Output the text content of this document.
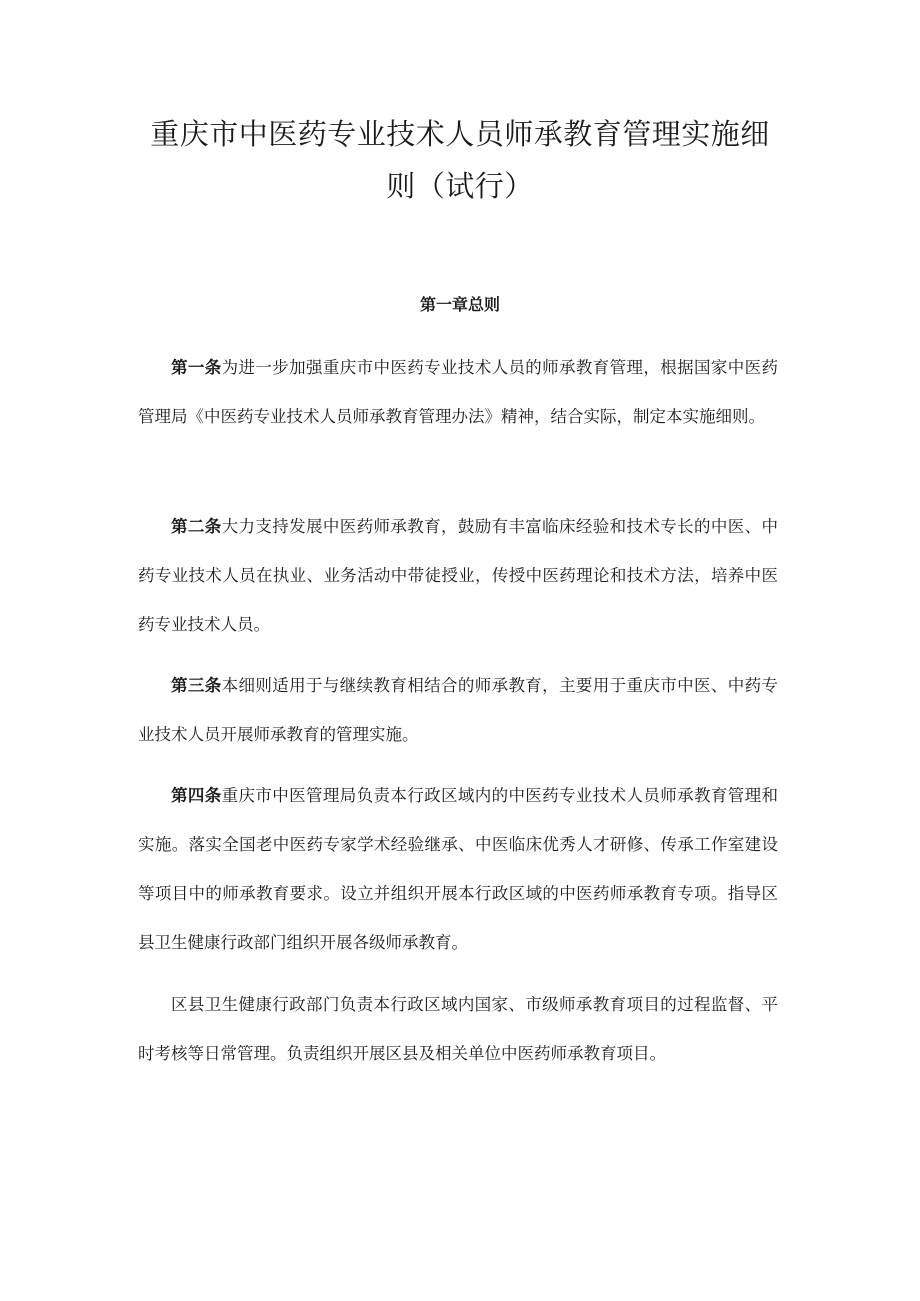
重庆市中医药专业技术人员师承教育管理实施细则（试行）
第一章总则

第一条为进一步加强重庆市中医药专业技术人员的师承教育管理，根据国家中医药管理局《中医药专业技术人员师承教育管理办法》精神，结合实际，制定本实施细则。

第二条大力支持发展中医药师承教育，鼓励有丰富临床经验和技术专长的中医、中药专业技术人员在执业、业务活动中带徒授业，传授中医药理论和技术方法，培养中医药专业技术人员。

第三条本细则适用于与继续教育相结合的师承教育，主要用于重庆市中医、中药专业技术人员开展师承教育的管理实施。

第四条重庆市中医管理局负责本行政区域内的中医药专业技术人员师承教育管理和实施。落实全国老中医药专家学术经验继承、中医临床优秀人才研修、传承工作室建设等项目中的师承教育要求。设立并组织开展本行政区域的中医药师承教育专项。指导区县卫生健康行政部门组织开展各级师承教育。

区县卫生健康行政部门负责本行政区域内国家、市级师承教育项目的过程监督、平时考核等日常管理。负责组织开展区县及相关单位中医药师承教育项目。
